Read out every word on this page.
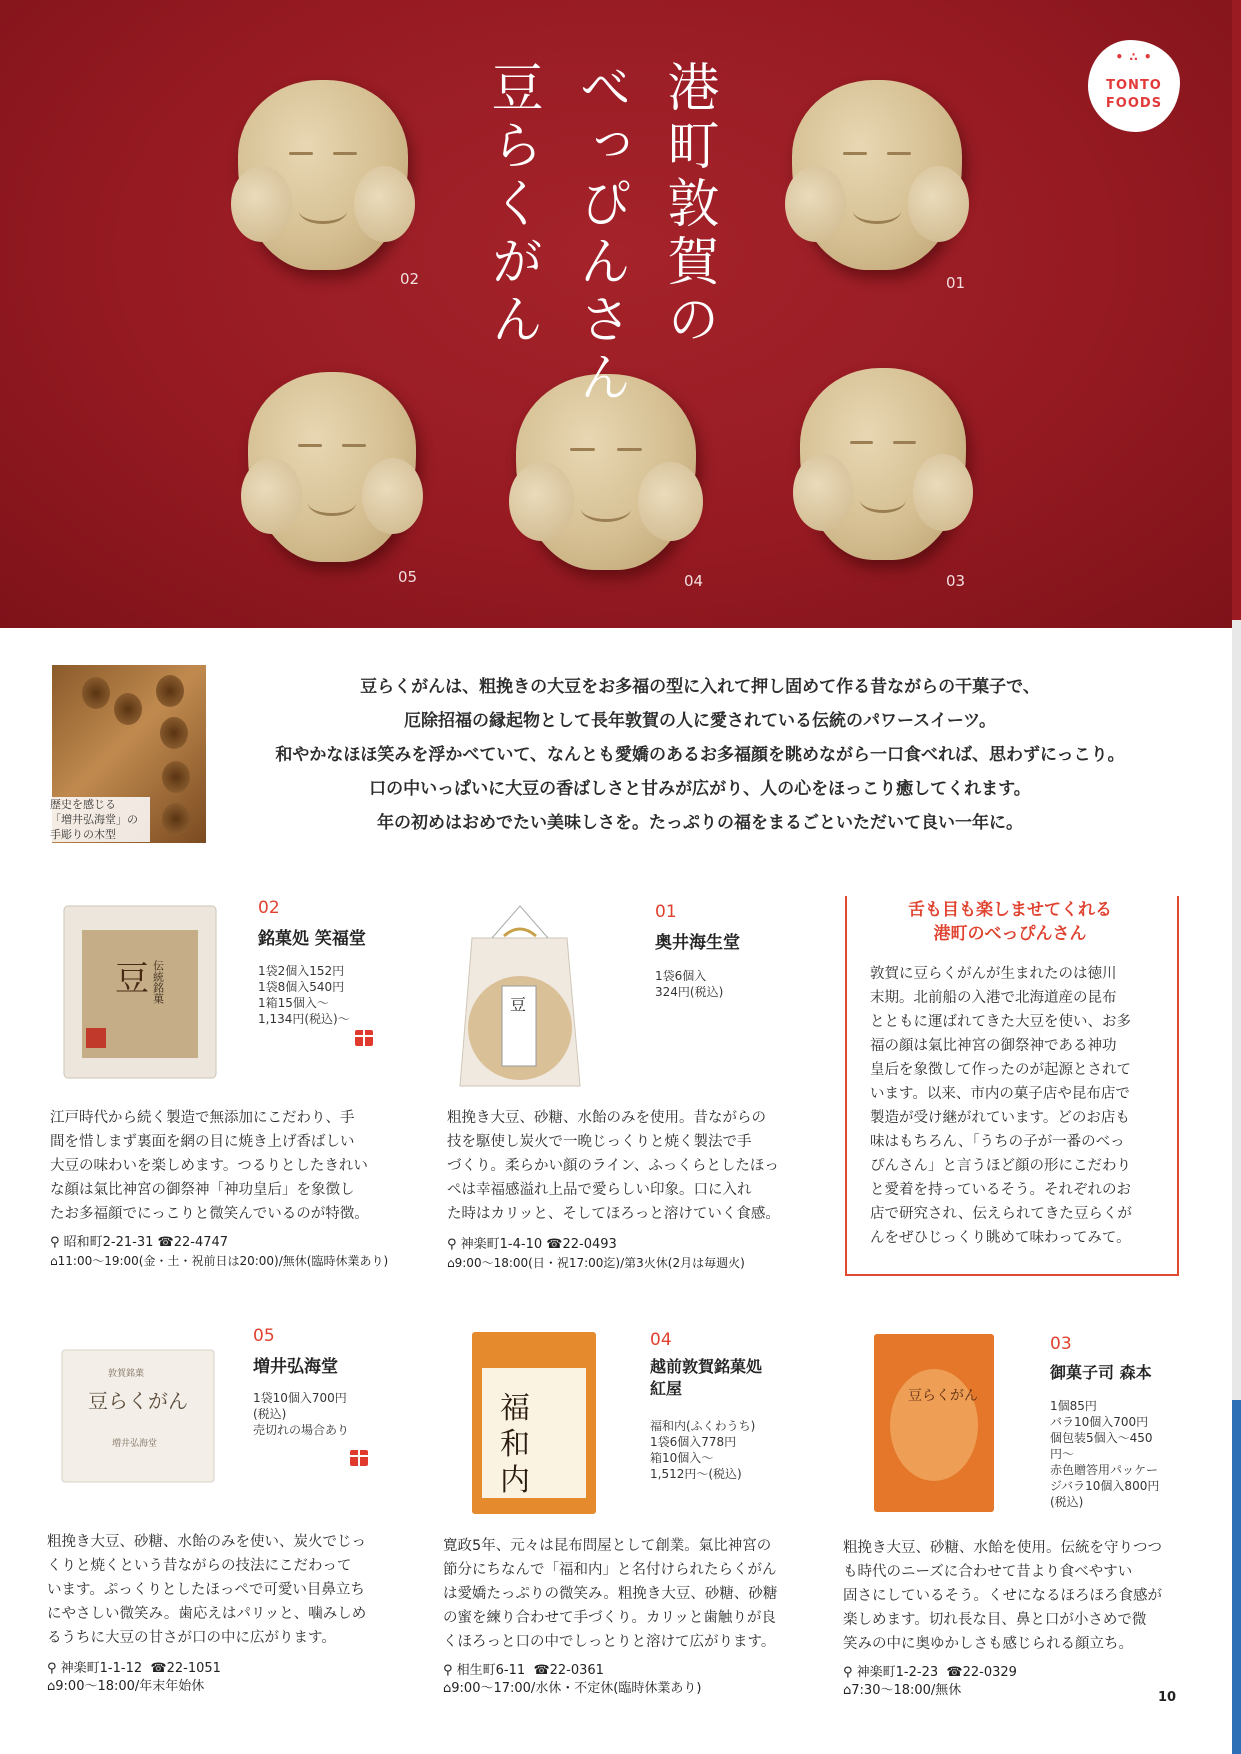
02	01
05	04	03
港町敦賀の
べっぴんさん
豆らくがん
• ∴ •
TONTO
FOODS
歴史を感じる
「増井弘海堂」の
手彫りの木型
豆らくがんは、粗挽きの大豆をお多福の型に入れて押し固めて作る昔ながらの干菓子で、
厄除招福の縁起物として長年敦賀の人に愛されている伝統のパワースイーツ。
和やかなほほ笑みを浮かべていて、なんとも愛嬌のあるお多福顔を眺めながら一口食べれば、思わずにっこり。
口の中いっぱいに大豆の香ばしさと甘みが広がり、人の心をほっこり癒してくれます。
年の初めはおめでたい美味しさを。たっぷりの福をまるごといただいて良い一年に。
豆 伝統銘菓
02
銘菓処 笑福堂
1袋2個入152円
1袋8個入540円
1箱15個入～
1,134円(税込)～
江戸時代から続く製造で無添加にこだわり、手
間を惜しまず裏面を網の目に焼き上げ香ばしい
大豆の味わいを楽しめます。つるりとしたきれい
な顔は氣比神宮の御祭神「神功皇后」を象徴し
たお多福顔でにっこりと微笑んでいるのが特徴。
⚲ 昭和町2-21-31 ☎22-4747
⌂11:00～19:00(金・土・祝前日は20:00)/無休(臨時休業あり)
豆
01
奥井海生堂
1袋6個入
324円(税込)
粗挽き大豆、砂糖、水飴のみを使用。昔ながらの
技を駆使し炭火で一晩じっくりと焼く製法で手
づくり。柔らかい顔のライン、ふっくらとしたほっ
ぺは幸福感溢れ上品で愛らしい印象。口に入れ
た時はカリッと、そしてほろっと溶けていく食感。
⚲ 神楽町1-4-10 ☎22-0493
⌂9:00～18:00(日・祝17:00迄)/第3火休(2月は毎週火)
舌も目も楽しませてくれる
港町のべっぴんさん
敦賀に豆らくがんが生まれたのは徳川
末期。北前船の入港で北海道産の昆布
とともに運ばれてきた大豆を使い、お多
福の顔は氣比神宮の御祭神である神功
皇后を象徴して作ったのが起源とされて
います。以来、市内の菓子店や昆布店で
製造が受け継がれています。どのお店も
味はもちろん、「うちの子が一番のべっ
ぴんさん」と言うほど顔の形にこだわり
と愛着を持っているそう。それぞれのお
店で研究され、伝えられてきた豆らくが
んをぜひじっくり眺めて味わってみて。
豆らくがん
敦賀銘菓
増井弘海堂
05
増井弘海堂
1袋10個入700円
(税込)
売切れの場合あり
粗挽き大豆、砂糖、水飴のみを使い、炭火でじっ
くりと焼くという昔ながらの技法にこだわって
います。ぷっくりとしたほっぺで可愛い目鼻立ち
にやさしい微笑み。歯応えはパリッと、噛みしめ
るうちに大豆の甘さが口の中に広がります。
⚲ 神楽町1-1-12 ☎22-1051
⌂9:00～18:00/年末年始休
福
和
内
04
越前敦賀銘菓処
紅屋
福和内(ふくわうち)
1袋6個入778円
箱10個入～
1,512円～(税込)
寛政5年、元々は昆布問屋として創業。氣比神宮の
節分にちなんで「福和内」と名付けられたらくがん
は愛嬌たっぷりの微笑み。粗挽き大豆、砂糖、砂糖
の蜜を練り合わせて手づくり。カリッと歯触りが良
くほろっと口の中でしっとりと溶けて広がります。
⚲ 相生町6-11 ☎22-0361
⌂9:00～17:00/水休・不定休(臨時休業あり)
豆らくがん
03
御菓子司 森本
1個85円
バラ10個入700円
個包装5個入～450
円～
赤色贈答用パッケー
ジバラ10個入800円
(税込)
粗挽き大豆、砂糖、水飴を使用。伝統を守りつつ
も時代のニーズに合わせて昔より食べやすい
固さにしているそう。くせになるほろほろ食感が
楽しめます。切れ長な目、鼻と口が小さめで微
笑みの中に奥ゆかしさも感じられる顔立ち。
⚲ 神楽町1-2-23 ☎22-0329
⌂7:30～18:00/無休	10
